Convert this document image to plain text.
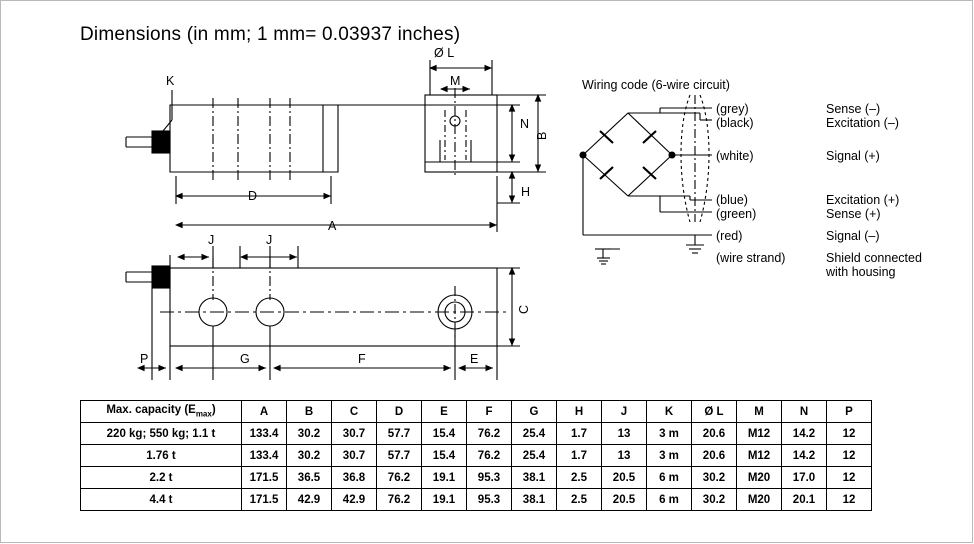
Dimensions (in mm; 1 mm= 0.03937 inches)
K
D
A
Ø L
M
N
B
H
J	J
C
P	G	F	E
Wiring code (6-wire circuit)
(grey)	Sense (–)
(black)	Excitation (–)
(white)	Signal (+)
(blue)	Excitation (+)
(green)	Sense (+)
(red)	Signal (–)
(wire strand)	Shield connected
with housing
Max. capacity $(E_{max})$	A	B	C	D	E	F	G	H	J	K	Ø L	M	N	P
220 kg; 550 kg; 1.1 t	133.4	30.2	30.7	57.7	15.4	76.2	25.4	1.7	13	3 m	20.6	M12	14.2	12
1.76 t	133.4	30.2	30.7	57.7	15.4	76.2	25.4	1.7	13	3 m	20.6	M12	14.2	12
2.2 t	171.5	36.5	36.8	76.2	19.1	95.3	38.1	2.5	20.5	6 m	30.2	M20	17.0	12
4.4 t	171.5	42.9	42.9	76.2	19.1	95.3	38.1	2.5	20.5	6 m	30.2	M20	20.1	12
